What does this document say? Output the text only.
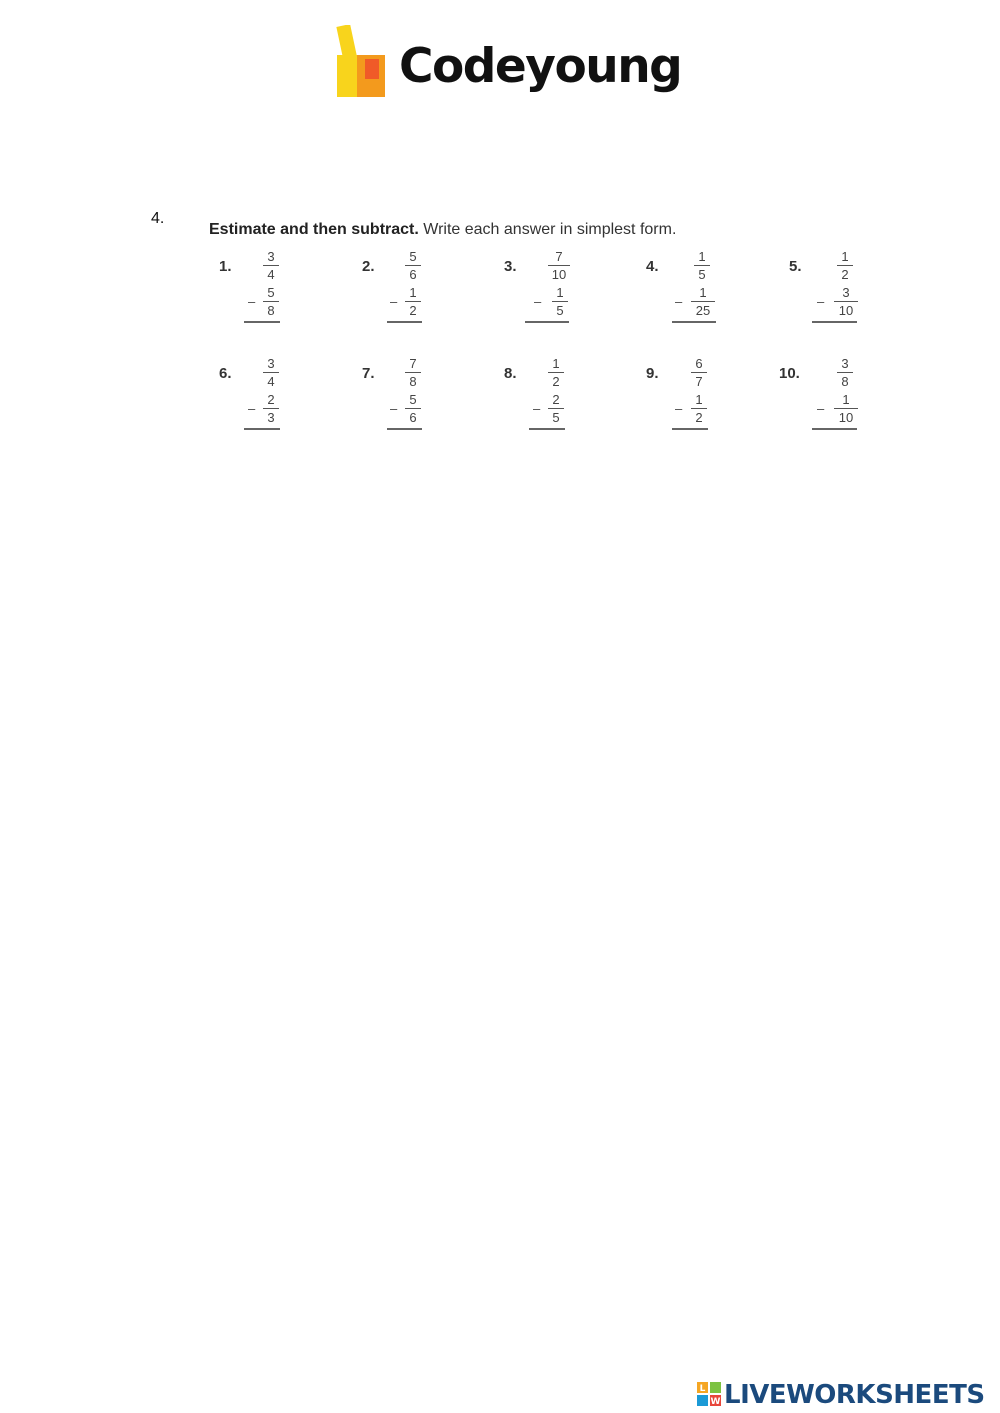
Codeyoung
4.
Estimate and then subtract. Write each answer in simplest form.
1.
3
4
–
5
8
2.
5
6
–
1
2
3.
7
10
–
1
5
4.
1
5
–
1
25
5.
1
2
–
3
10
6.
3
4
–
2
3
7.
7
8
–
5
6
8.
1
2
–
2
5
9.
6
7
–
1
2
10.
3
8
–
1
10
L
W LIVEWORKSHEETS
